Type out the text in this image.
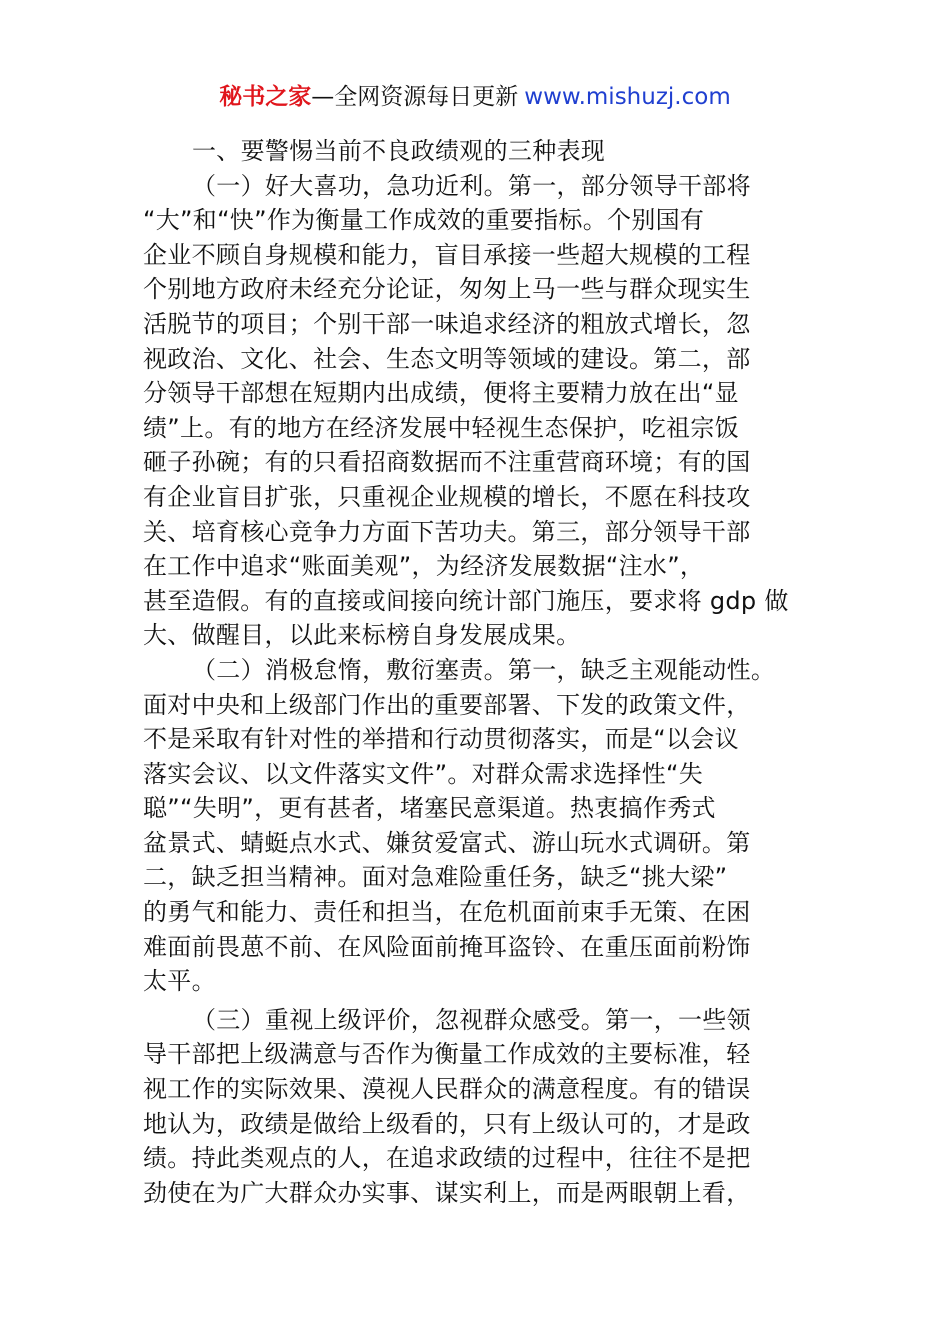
秘书之家—全网资源每日更新 www.mishuzj.com
一、要警惕当前不良政绩观的三种表现
（一）好大喜功，急功近利。第一，部分领导干部将
“大”和“快”作为衡量工作成效的重要指标。个别国有
企业不顾自身规模和能力，盲目承接一些超大规模的工程
个别地方政府未经充分论证，匆匆上马一些与群众现实生
活脱节的项目；个别干部一味追求经济的粗放式增长，忽
视政治、文化、社会、生态文明等领域的建设。第二，部
分领导干部想在短期内出成绩，便将主要精力放在出“显
绩”上。有的地方在经济发展中轻视生态保护，吃祖宗饭
砸子孙碗；有的只看招商数据而不注重营商环境；有的国
有企业盲目扩张，只重视企业规模的增长，不愿在科技攻
关、培育核心竞争力方面下苦功夫。第三，部分领导干部
在工作中追求“账面美观”，为经济发展数据“注水”，
甚至造假。有的直接或间接向统计部门施压，要求将 gdp 做
大、做醒目，以此来标榜自身发展成果。
（二）消极怠惰，敷衍塞责。第一，缺乏主观能动性。
面对中央和上级部门作出的重要部署、下发的政策文件，
不是采取有针对性的举措和行动贯彻落实，而是“以会议
落实会议、以文件落实文件”。对群众需求选择性“失
聪”“失明”，更有甚者，堵塞民意渠道。热衷搞作秀式
盆景式、蜻蜓点水式、嫌贫爱富式、游山玩水式调研。第
二，缺乏担当精神。面对急难险重任务，缺乏“挑大梁”
的勇气和能力、责任和担当，在危机面前束手无策、在困
难面前畏葸不前、在风险面前掩耳盗铃、在重压面前粉饰
太平。
（三）重视上级评价，忽视群众感受。第一，一些领
导干部把上级满意与否作为衡量工作成效的主要标准，轻
视工作的实际效果、漠视人民群众的满意程度。有的错误
地认为，政绩是做给上级看的，只有上级认可的，才是政
绩。持此类观点的人，在追求政绩的过程中，往往不是把
劲使在为广大群众办实事、谋实利上，而是两眼朝上看，
